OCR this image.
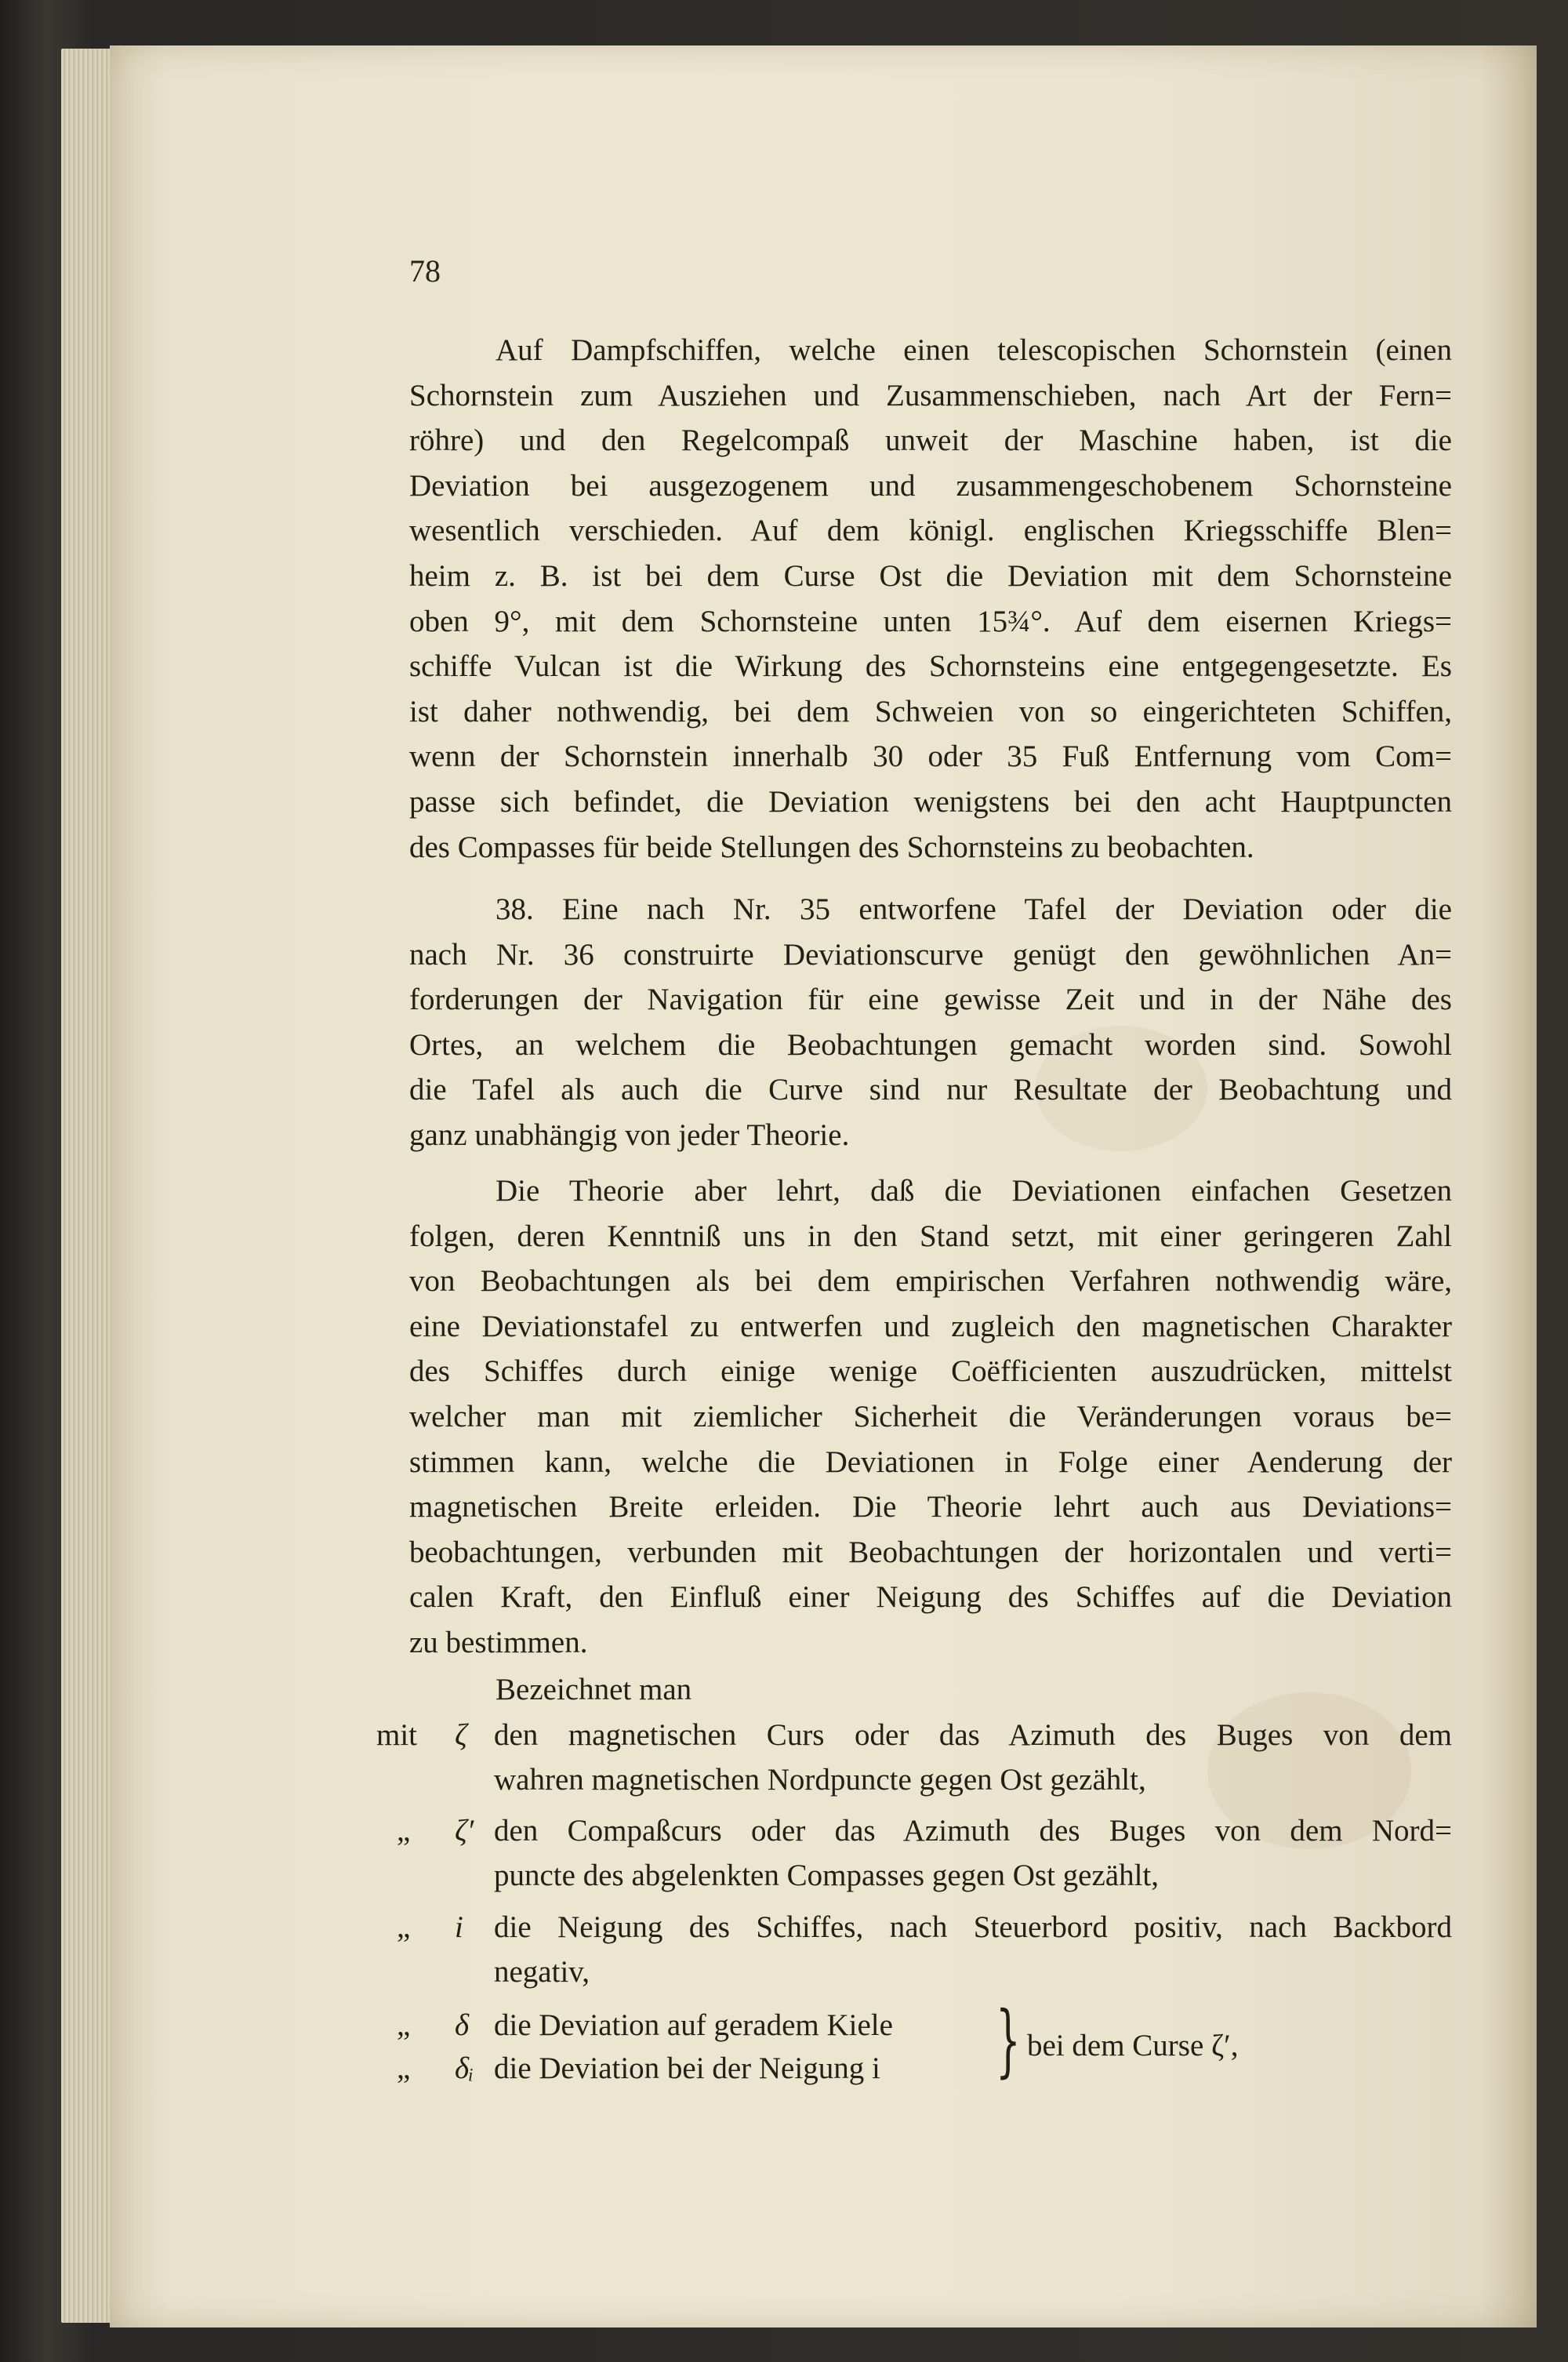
78
Auf Dampfschiffen, welche einen telescopischen Schornstein (einen
Schornstein zum Ausziehen und Zusammenschieben, nach Art der Fern=
röhre) und den Regelcompaß unweit der Maschine haben, ist die
Deviation bei ausgezogenem und zusammengeschobenem Schornsteine
wesentlich verschieden. Auf dem königl. englischen Kriegsschiffe Blen=
heim z. B. ist bei dem Curse Ost die Deviation mit dem Schornsteine
oben 9°, mit dem Schornsteine unten 15¾°. Auf dem eisernen Kriegs=
schiffe Vulcan ist die Wirkung des Schornsteins eine entgegengesetzte. Es
ist daher nothwendig, bei dem Schweien von so eingerichteten Schiffen,
wenn der Schornstein innerhalb 30 oder 35 Fuß Entfernung vom Com=
passe sich befindet, die Deviation wenigstens bei den acht Hauptpuncten
des Compasses für beide Stellungen des Schornsteins zu beobachten.
38. Eine nach Nr. 35 entworfene Tafel der Deviation oder die
nach Nr. 36 construirte Deviationscurve genügt den gewöhnlichen An=
forderungen der Navigation für eine gewisse Zeit und in der Nähe des
Ortes, an welchem die Beobachtungen gemacht worden sind. Sowohl
die Tafel als auch die Curve sind nur Resultate der Beobachtung und
ganz unabhängig von jeder Theorie.
Die Theorie aber lehrt, daß die Deviationen einfachen Gesetzen
folgen, deren Kenntniß uns in den Stand setzt, mit einer geringeren Zahl
von Beobachtungen als bei dem empirischen Verfahren nothwendig wäre,
eine Deviationstafel zu entwerfen und zugleich den magnetischen Charakter
des Schiffes durch einige wenige Coëfficienten auszudrücken, mittelst
welcher man mit ziemlicher Sicherheit die Veränderungen voraus be=
stimmen kann, welche die Deviationen in Folge einer Aenderung der
magnetischen Breite erleiden. Die Theorie lehrt auch aus Deviations=
beobachtungen, verbunden mit Beobachtungen der horizontalen und verti=
calen Kraft, den Einfluß einer Neigung des Schiffes auf die Deviation
zu bestimmen.
Bezeichnet man
mit	ζ den magnetischen Curs oder das Azimuth des Buges von dem
wahren magnetischen Nordpuncte gegen Ost gezählt,
„	ζ′ den Compaßcurs oder das Azimuth des Buges von dem Nord=
puncte des abgelenkten Compasses gegen Ost gezählt,
„	i	die Neigung des Schiffes, nach Steuerbord positiv, nach Backbord
negativ,
„	δ die Deviation auf geradem Kiele
„	δᵢ die Deviation bei der Neigung i	} bei dem Curse ζ′,
